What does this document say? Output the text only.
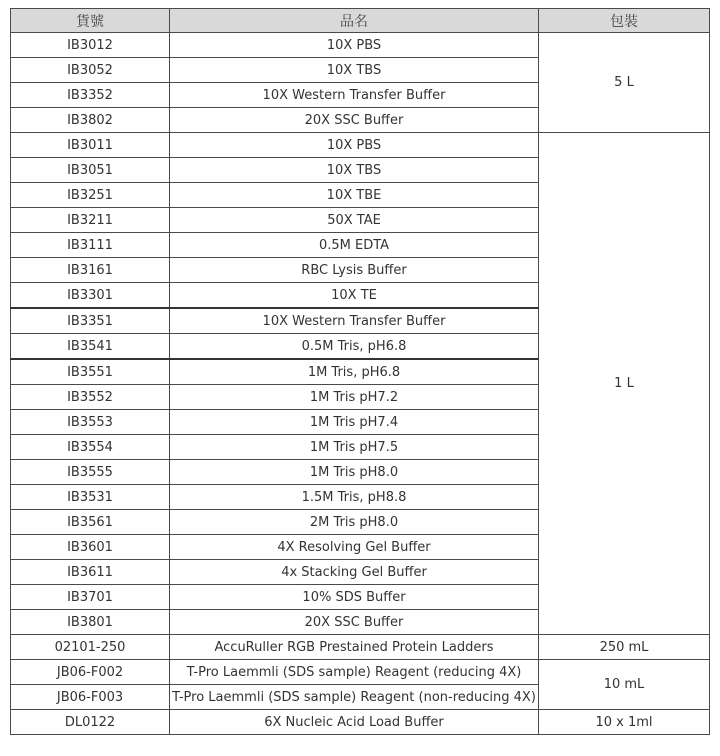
貨號	品名	包裝
IB3012	10X PBS	5 L
IB3052	10X TBS	
IB3352	10X Western Transfer Buffer	
IB3802	20X SSC Buffer	
IB3011	10X PBS	1 L
IB3051	10X TBS	
IB3251	10X TBE	
IB3211	50X TAE	
IB3111	0.5M EDTA	
IB3161	RBC Lysis Buffer	
IB3301	10X TE	
IB3351	10X Western Transfer Buffer	
IB3541	0.5M Tris, pH6.8	
IB3551	1M Tris, pH6.8	
IB3552	1M Tris pH7.2	
IB3553	1M Tris pH7.4	
IB3554	1M Tris pH7.5	
IB3555	1M Tris pH8.0	
IB3531	1.5M Tris, pH8.8	
IB3561	2M Tris pH8.0	
IB3601	4X Resolving Gel Buffer	
IB3611	4x Stacking Gel Buffer	
IB3701	10% SDS Buffer	
IB3801	20X SSC Buffer	
02101-250	AccuRuller RGB Prestained Protein Ladders	250 mL
JB06-F002	T-Pro Laemmli (SDS sample) Reagent (reducing 4X)	10 mL
JB06-F003	T-Pro Laemmli (SDS sample) Reagent (non-reducing 4X)	
DL0122	6X Nucleic Acid Load Buffer	10 x 1ml
